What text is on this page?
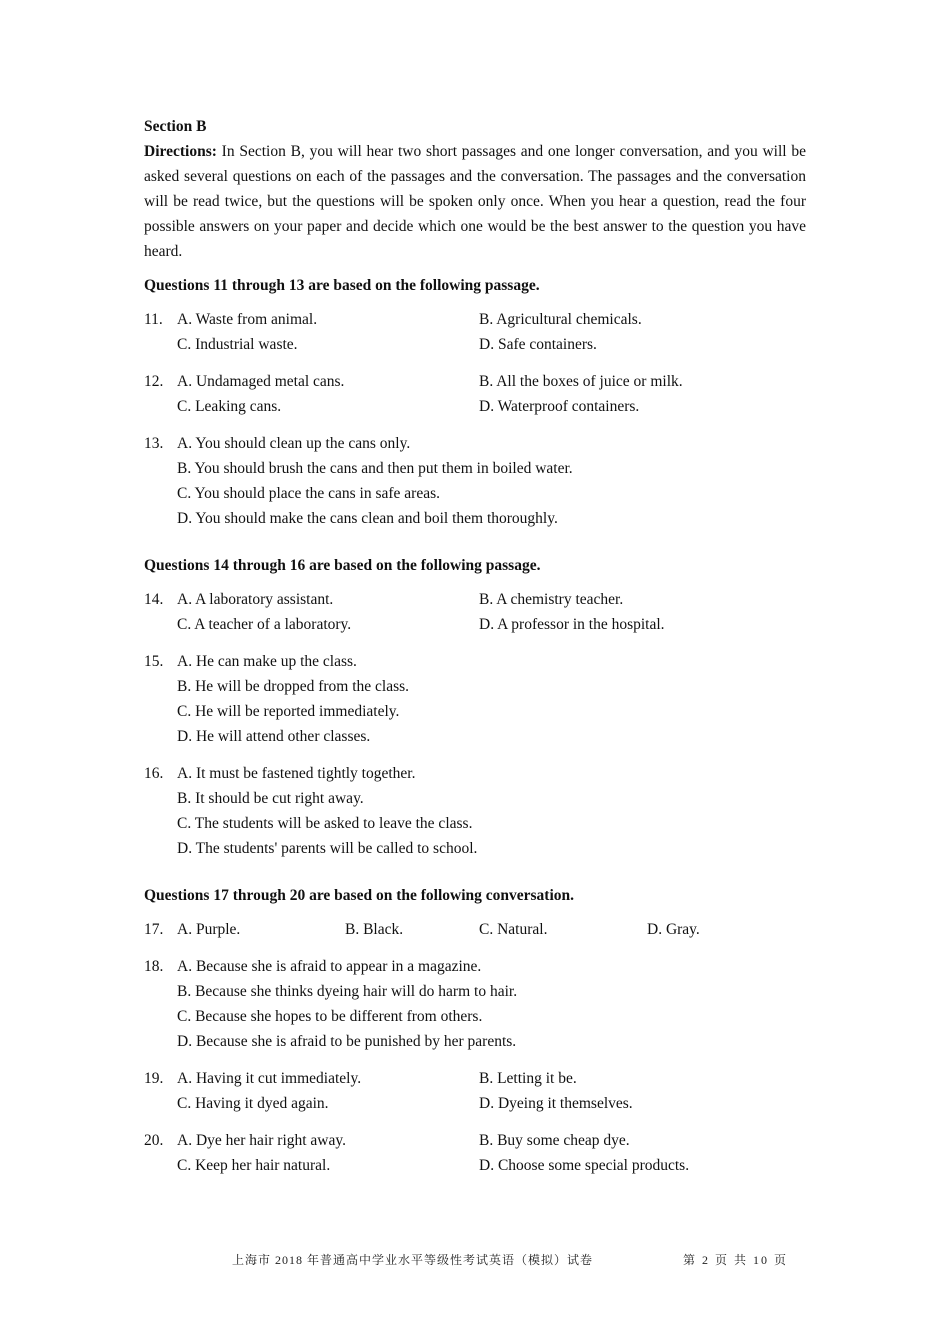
Section B
Directions: In Section B, you will hear two short passages and one longer conversation, and you will be asked several questions on each of the passages and the conversation. The passages and the conversation will be read twice, but the questions will be spoken only once. When you hear a question, read the four possible answers on your paper and decide which one would be the best answer to the question you have heard.
Questions 11 through 13 are based on the following passage.
11. A. Waste from animal.	B. Agricultural chemicals.
C. Industrial waste.	D. Safe containers.
12. A. Undamaged metal cans.	B. All the boxes of juice or milk.
C. Leaking cans.	D. Waterproof containers.
13. A. You should clean up the cans only.
B. You should brush the cans and then put them in boiled water.
C. You should place the cans in safe areas.
D. You should make the cans clean and boil them thoroughly.
Questions 14 through 16 are based on the following passage.
14. A. A laboratory assistant.	B. A chemistry teacher.
C. A teacher of a laboratory.	D. A professor in the hospital.
15. A. He can make up the class.
B. He will be dropped from the class.
C. He will be reported immediately.
D. He will attend other classes.
16. A. It must be fastened tightly together.
B. It should be cut right away.
C. The students will be asked to leave the class.
D. The students' parents will be called to school.
Questions 17 through 20 are based on the following conversation.
17. A. Purple.	B. Black.	C. Natural.	D. Gray.
18. A. Because she is afraid to appear in a magazine.
B. Because she thinks dyeing hair will do harm to hair.
C. Because she hopes to be different from others.
D. Because she is afraid to be punished by her parents.
19. A. Having it cut immediately.	B. Letting it be.
C. Having it dyed again.	D. Dyeing it themselves.
20. A. Dye her hair right away.	B. Buy some cheap dye.
C. Keep her hair natural.	D. Choose some special products.
上海市 2018 年普通高中学业水平等级性考试英语（模拟）试卷	第 2 页 共 10 页
